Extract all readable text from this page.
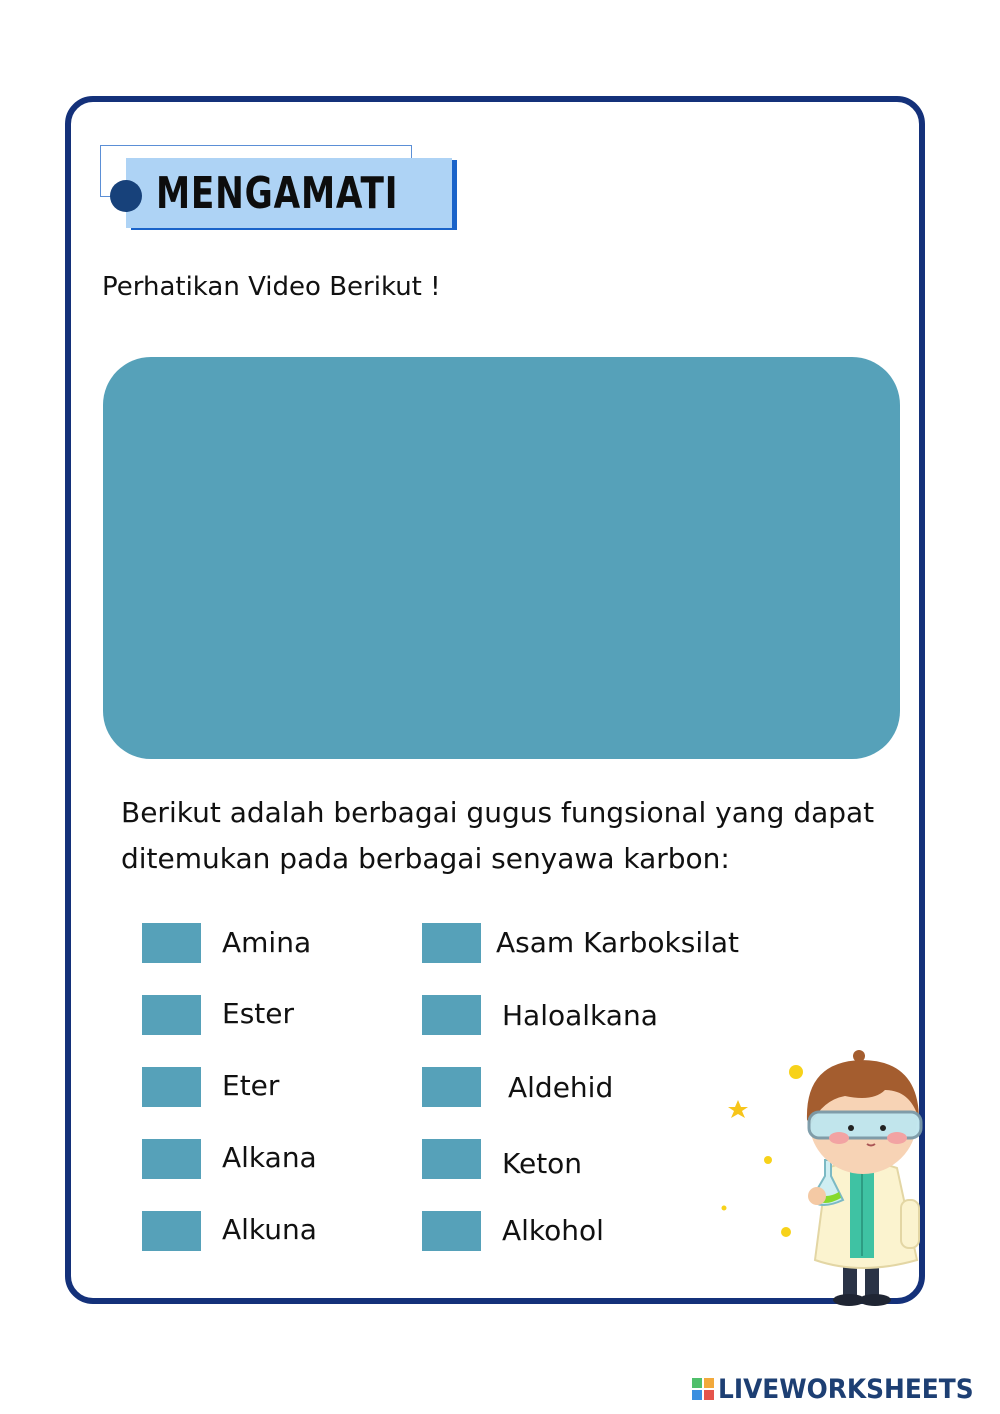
MENGAMATI
Perhatikan Video Berikut !
Berikut adalah berbagai gugus fungsional yang dapat
ditemukan pada berbagai senyawa karbon:
Amina
Ester
Eter
Alkana
Alkuna
Asam Karboksilat
Haloalkana
Aldehid
Keton
Alkohol
LIVEWORKSHEETS
